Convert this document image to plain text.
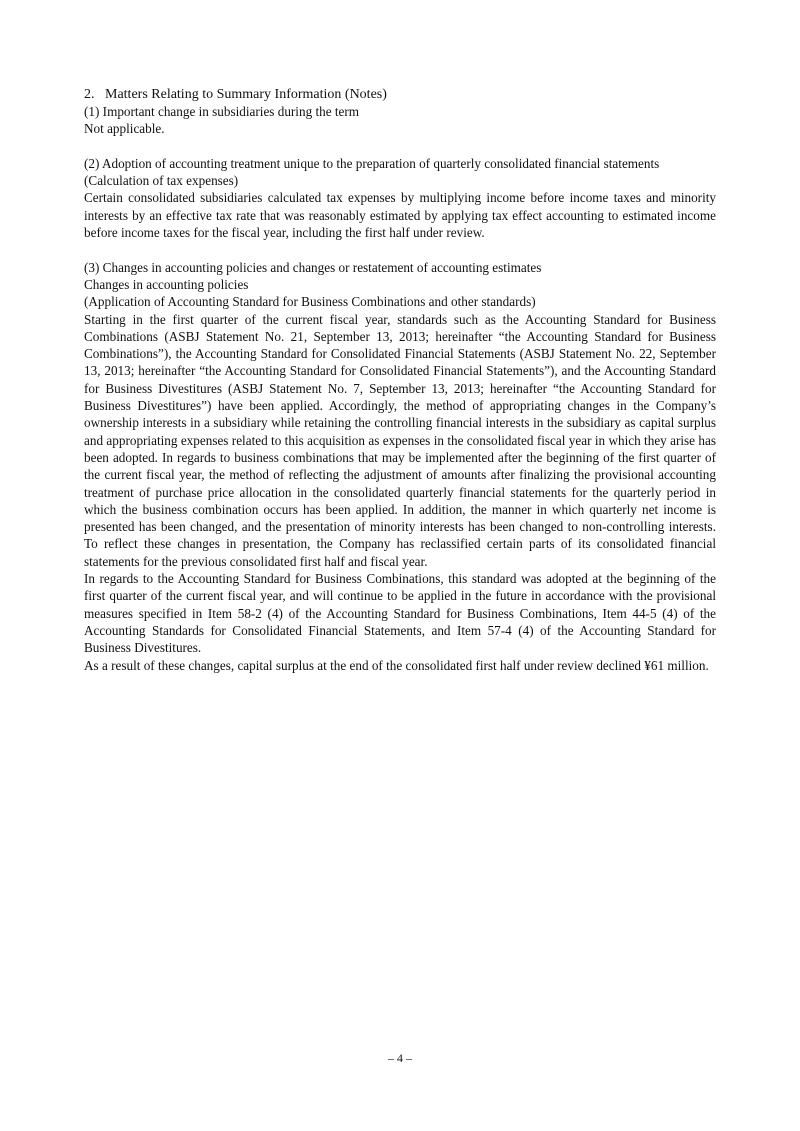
2.   Matters Relating to Summary Information (Notes)

(1) Important change in subsidiaries during the term

Not applicable.

(2) Adoption of accounting treatment unique to the preparation of quarterly consolidated financial statements

(Calculation of tax expenses)

Certain consolidated subsidiaries calculated tax expenses by multiplying income before income taxes and minority interests by an effective tax rate that was reasonably estimated by applying tax effect accounting to estimated income before income taxes for the fiscal year, including the first half under review.

(3) Changes in accounting policies and changes or restatement of accounting estimates

Changes in accounting policies

(Application of Accounting Standard for Business Combinations and other standards)

Starting in the first quarter of the current fiscal year, standards such as the Accounting Standard for Business Combinations (ASBJ Statement No. 21, September 13, 2013; hereinafter “the Accounting Standard for Business Combinations”), the Accounting Standard for Consolidated Financial Statements (ASBJ Statement No. 22, September 13, 2013; hereinafter “the Accounting Standard for Consolidated Financial Statements”), and the Accounting Standard for Business Divestitures (ASBJ Statement No. 7, September 13, 2013; hereinafter “the Accounting Standard for Business Divestitures”) have been applied. Accordingly, the method of appropriating changes in the Company’s ownership interests in a subsidiary while retaining the controlling financial interests in the subsidiary as capital surplus and appropriating expenses related to this acquisition as expenses in the consolidated fiscal year in which they arise has been adopted. In regards to business combinations that may be implemented after the beginning of the first quarter of the current fiscal year, the method of reflecting the adjustment of amounts after finalizing the provisional accounting treatment of purchase price allocation in the consolidated quarterly financial statements for the quarterly period in which the business combination occurs has been applied. In addition, the manner in which quarterly net income is presented has been changed, and the presentation of minority interests has been changed to non-controlling interests. To reflect these changes in presentation, the Company has reclassified certain parts of its consolidated financial statements for the previous consolidated first half and fiscal year.

In regards to the Accounting Standard for Business Combinations, this standard was adopted at the beginning of the first quarter of the current fiscal year, and will continue to be applied in the future in accordance with the provisional measures specified in Item 58-2 (4) of the Accounting Standard for Business Combinations, Item 44-5 (4) of the Accounting Standards for Consolidated Financial Statements, and Item 57-4 (4) of the Accounting Standard for Business Divestitures.

As a result of these changes, capital surplus at the end of the consolidated first half under review declined ¥61 million.

– 4 –
